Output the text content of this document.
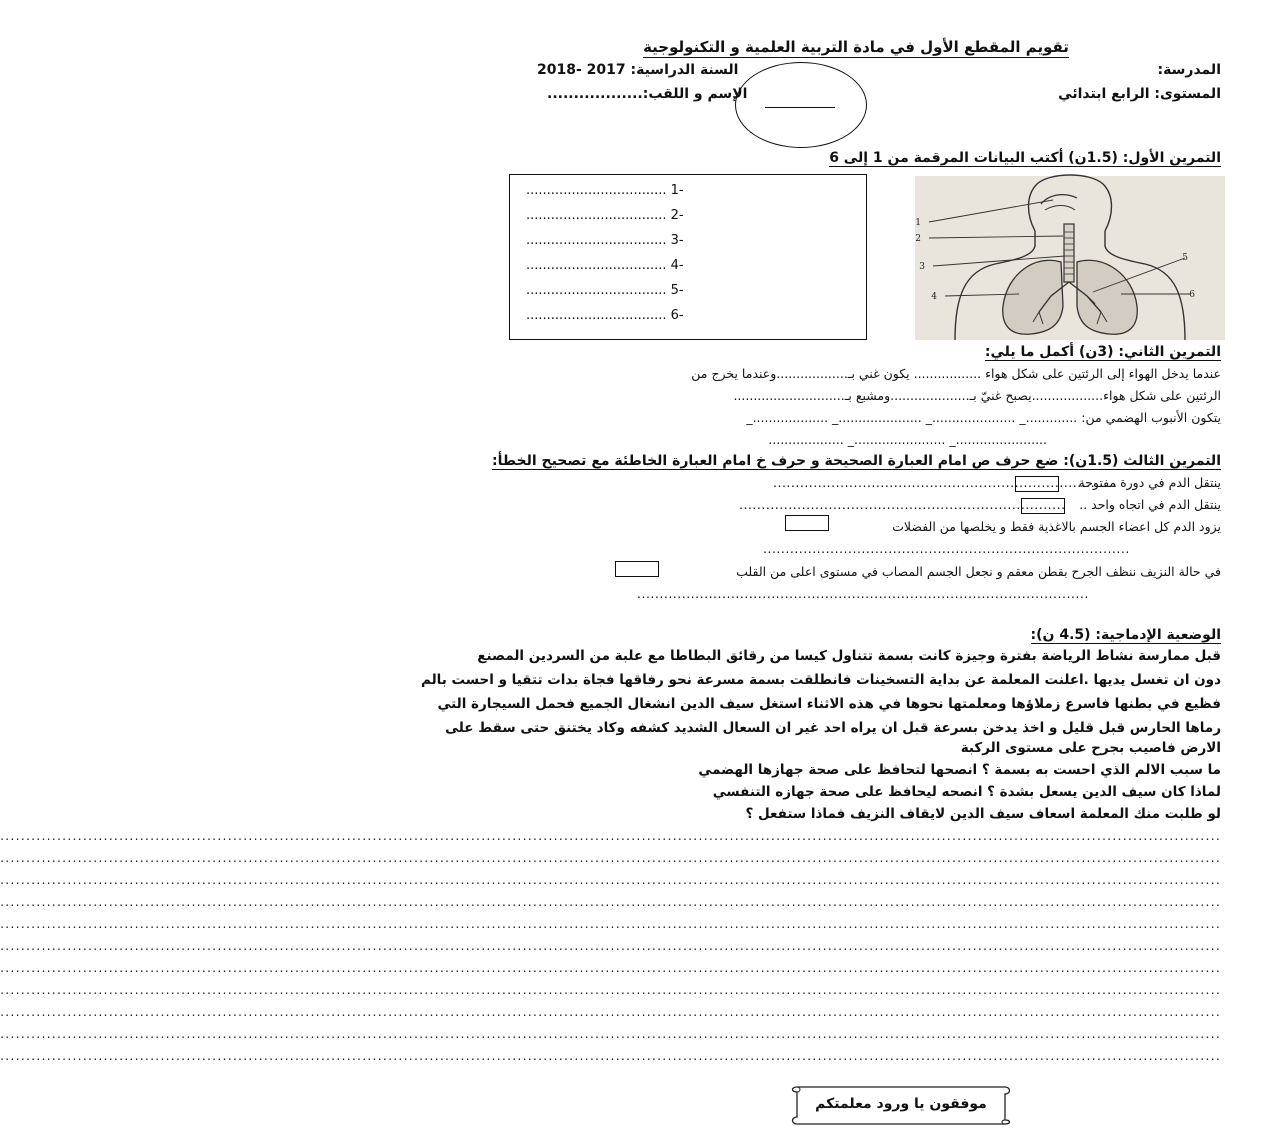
تقويم المقطع الأول في مادة التربية العلمية و التكنولوجية
المدرسة:
المستوى: الرابع ابتدائي
السنة الدراسية: 2017 -2018
الإسم و اللقب:..................
التمرين الأول: (1.5ن) أكتب البيانات المرقمة من 1 إلى 6
-1 ..................................
-2 ..................................
-3 ..................................
-4 ..................................
-5 ..................................
-6 ..................................
1
2
3
4
5
6
التمرين الثاني: (3ن) أكمل ما يلي:
عندما يدخل الهواء إلى الرئتين على شكل هواء ................. يكون غني بـ..................وعندما يخرج من
الرئتين على شكل هواء..................يصبح غنيّ بـ....................ومشبع بـ............................
يتكون الأنبوب الهضمي من: ............._ ....................._ ....................._ ..................._
......................._ ......................._ ...................
التمرين الثالث (1.5ن): ضع حرف ص امام العبارة الصحيحة و حرف خ امام العبارة الخاطئة مع تصحيح الخطأ:
ينتقل الدم في دورة مفتوحة
.............................................................................
ينتقل الدم في اتجاه واحد ..
.........................................................................
يزود الدم كل اعضاء الجسم بالاغذية فقط و يخلصها من الفضلات
..................................................................................
في حالة النزيف ننظف الجرح بقطن معقم و نجعل الجسم المصاب في مستوى اعلى من القلب
.....................................................................................................
الوضعية الإدماجية: (4.5 ن):
قبل ممارسة نشاط الرياضة بفترة وجيزة كانت بسمة تتناول كيسا من رقائق البطاطا مع علبة من السردين المصنع
دون ان تغسل يديها .اعلنت المعلمة عن بداية التسخينات فانطلقت بسمة مسرعة نحو رفاقها فجاة بدات تتقيا و احست بالم
فظيع في بطنها فاسرع زملاؤها ومعلمتها نحوها في هذه الاثناء استغل سيف الدين انشغال الجميع فحمل السيجارة التي
رماها الحارس قبل قليل و اخذ يدخن بسرعة قبل ان يراه احد غير ان السعال الشديد كشفه وكاد يختنق حتى سقط على
الارض فاصيب بجرح على مستوى الركبة
ما سبب الالم الذي احست به بسمة ؟ انصحها لتحافظ على صحة جهازها الهضمي
لماذا كان سيف الدين يسعل بشدة ؟ انصحه ليحافظ على صحة جهازه التنفسي
لو طلبت منك المعلمة اسعاف سيف الدين لايقاف النزيف فماذا ستفعل ؟
............................................................................................................................................................................................................................................
............................................................................................................................................................................................................................................
............................................................................................................................................................................................................................................
............................................................................................................................................................................................................................................
............................................................................................................................................................................................................................................
............................................................................................................................................................................................................................................
............................................................................................................................................................................................................................................
............................................................................................................................................................................................................................................
............................................................................................................................................................................................................................................
............................................................................................................................................................................................................................................
............................................................................................................................................................................................................................................
موفقون يا ورود معلمتكم
